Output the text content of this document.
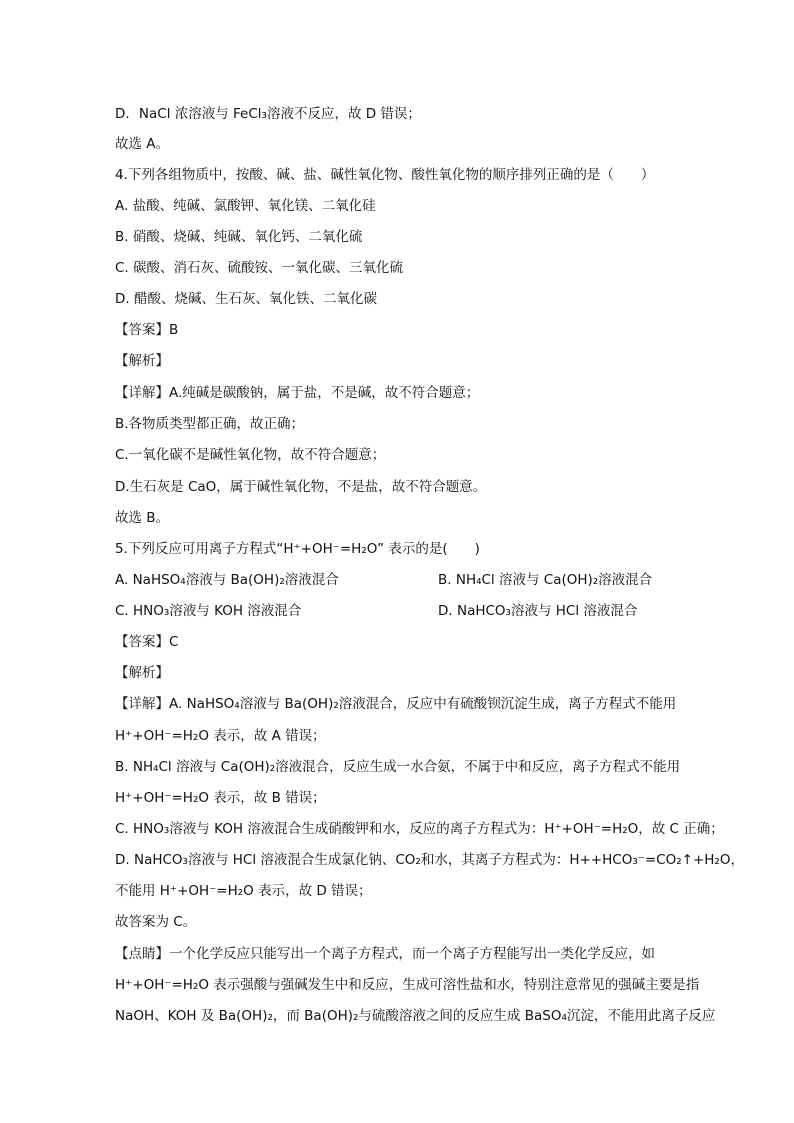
D．NaCl 浓溶液与 FeCl₃溶液不反应，故 D 错误；
故选 A。
4.下列各组物质中，按酸、碱、盐、碱性氧化物、酸性氧化物的顺序排列正确的是（　　）
A. 盐酸、纯碱、氯酸钾、氧化镁、二氧化硅
B. 硝酸、烧碱、纯碱、氧化钙、二氧化硫
C. 碳酸、消石灰、硫酸铵、一氧化碳、三氧化硫
D. 醋酸、烧碱、生石灰、氧化铁、二氧化碳
【答案】B
【解析】
【详解】A.纯碱是碳酸钠，属于盐，不是碱，故不符合题意；
B.各物质类型都正确，故正确；
C.一氧化碳不是碱性氧化物，故不符合题意；
D.生石灰是 CaO，属于碱性氧化物，不是盐，故不符合题意。
故选 B。
5.下列反应可用离子方程式“H⁺+OH⁻=H₂O” 表示的是(　　)
A. NaHSO₄溶液与 Ba(OH)₂溶液混合	B. NH₄Cl 溶液与 Ca(OH)₂溶液混合
C. HNO₃溶液与 KOH 溶液混合	D. NaHCO₃溶液与 HCl 溶液混合
【答案】C
【解析】
【详解】A. NaHSO₄溶液与 Ba(OH)₂溶液混合，反应中有硫酸钡沉淀生成，离子方程式不能用
H⁺+OH⁻=H₂O 表示，故 A 错误；
B. NH₄Cl 溶液与 Ca(OH)₂溶液混合，反应生成一水合氨，不属于中和反应，离子方程式不能用
H⁺+OH⁻=H₂O 表示，故 B 错误；
C. HNO₃溶液与 KOH 溶液混合生成硝酸钾和水，反应的离子方程式为：H⁺+OH⁻=H₂O，故 C 正确；
D. NaHCO₃溶液与 HCl 溶液混合生成氯化钠、CO₂和水，其离子方程式为：H++HCO₃⁻=CO₂↑+H₂O，
不能用 H⁺+OH⁻=H₂O 表示，故 D 错误；
故答案为 C。
【点睛】一个化学反应只能写出一个离子方程式，而一个离子方程能写出一类化学反应，如
H⁺+OH⁻=H₂O 表示强酸与强碱发生中和反应，生成可溶性盐和水，特别注意常见的强碱主要是指
NaOH、KOH 及 Ba(OH)₂，而 Ba(OH)₂与硫酸溶液之间的反应生成 BaSO₄沉淀，不能用此离子反应
